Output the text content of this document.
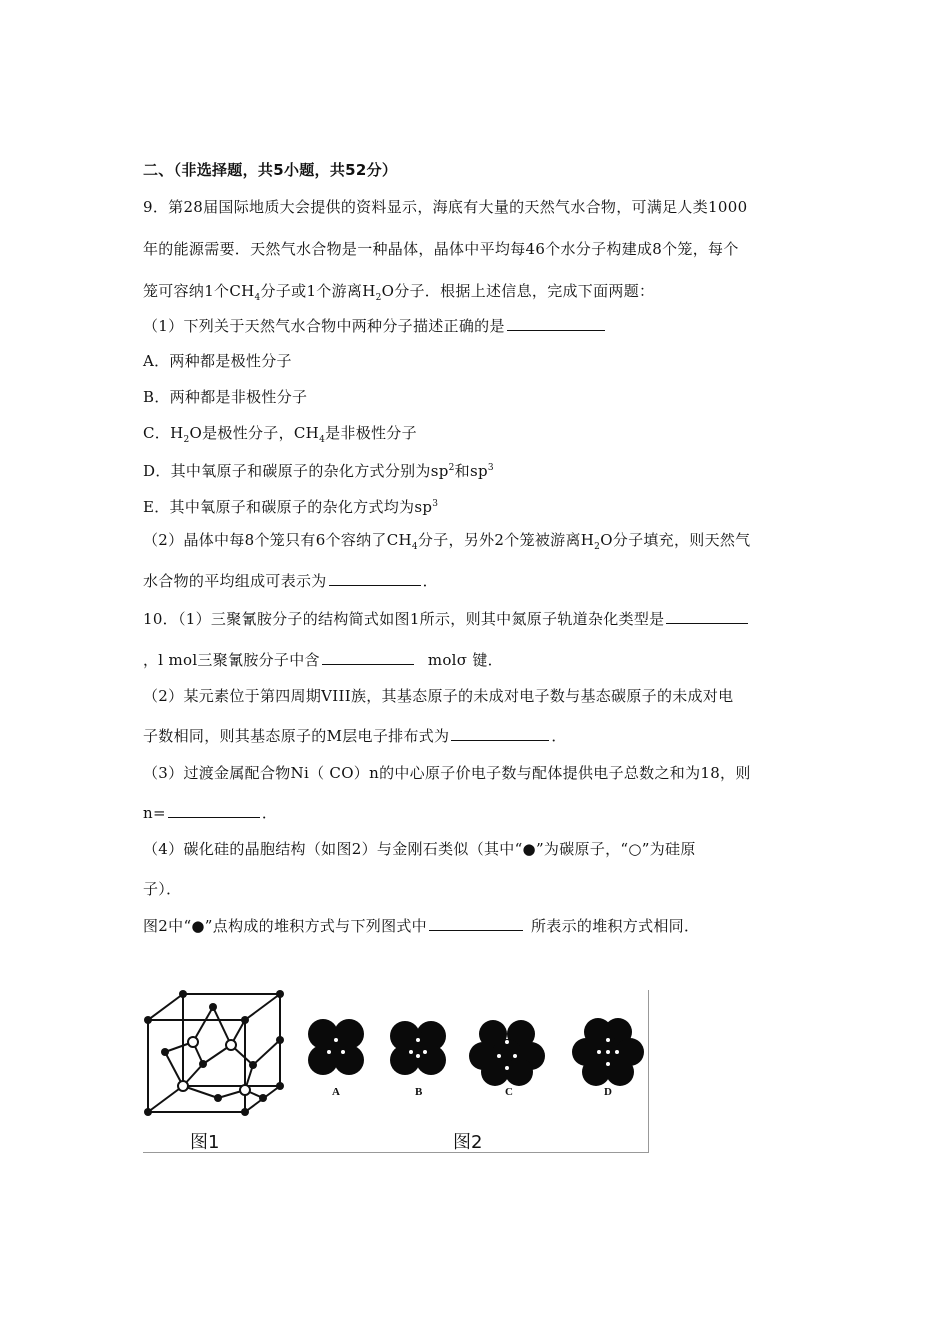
二、（非选择题，共5小题，共52分）
9．第28届国际地质大会提供的资料显示，海底有大量的天然气水合物，可满足人类1000
年的能源需要．天然气水合物是一种晶体，晶体中平均每46个水分子构建成8个笼，每个
笼可容纳1个$CH_4$分子或1个游离$H_2O$分子．根据上述信息，完成下面两题：
（1）下列关于天然气水合物中两种分子描述正确的是
A．两种都是极性分子
B．两种都是非极性分子
C．$H_2O$是极性分子，$CH_4$是非极性分子
D．其中氧原子和碳原子的杂化方式分别为$sp^2$和$sp^3$
E．其中氧原子和碳原子的杂化方式均为$sp^3$
（2）晶体中每8个笼只有6个容纳了$CH_4$分子，另外2个笼被游离$H_2O$分子填充，则天然气
水合物的平均组成可表示为	．
10．（1）三聚氰胺分子的结构简式如图1所示，则其中氮原子轨道杂化类型是
，l mol三聚氰胺分子中含	molσ 键．
（2）某元素位于第四周期VIII族，其基态原子的未成对电子数与基态碳原子的未成对电
子数相同，则其基态原子的M层电子排布式为	．
（3）过渡金属配合物Ni（ CO）n的中心原子价电子数与配体提供电子总数之和为18，则
n=	．
（4）碳化硅的晶胞结构（如图2）与金刚石类似（其中“●”为碳原子，“○”为硅原
子）．
图2中“●”点构成的堆积方式与下列图式中	所表示的堆积方式相同．
A	B	C	D
图1	图2
